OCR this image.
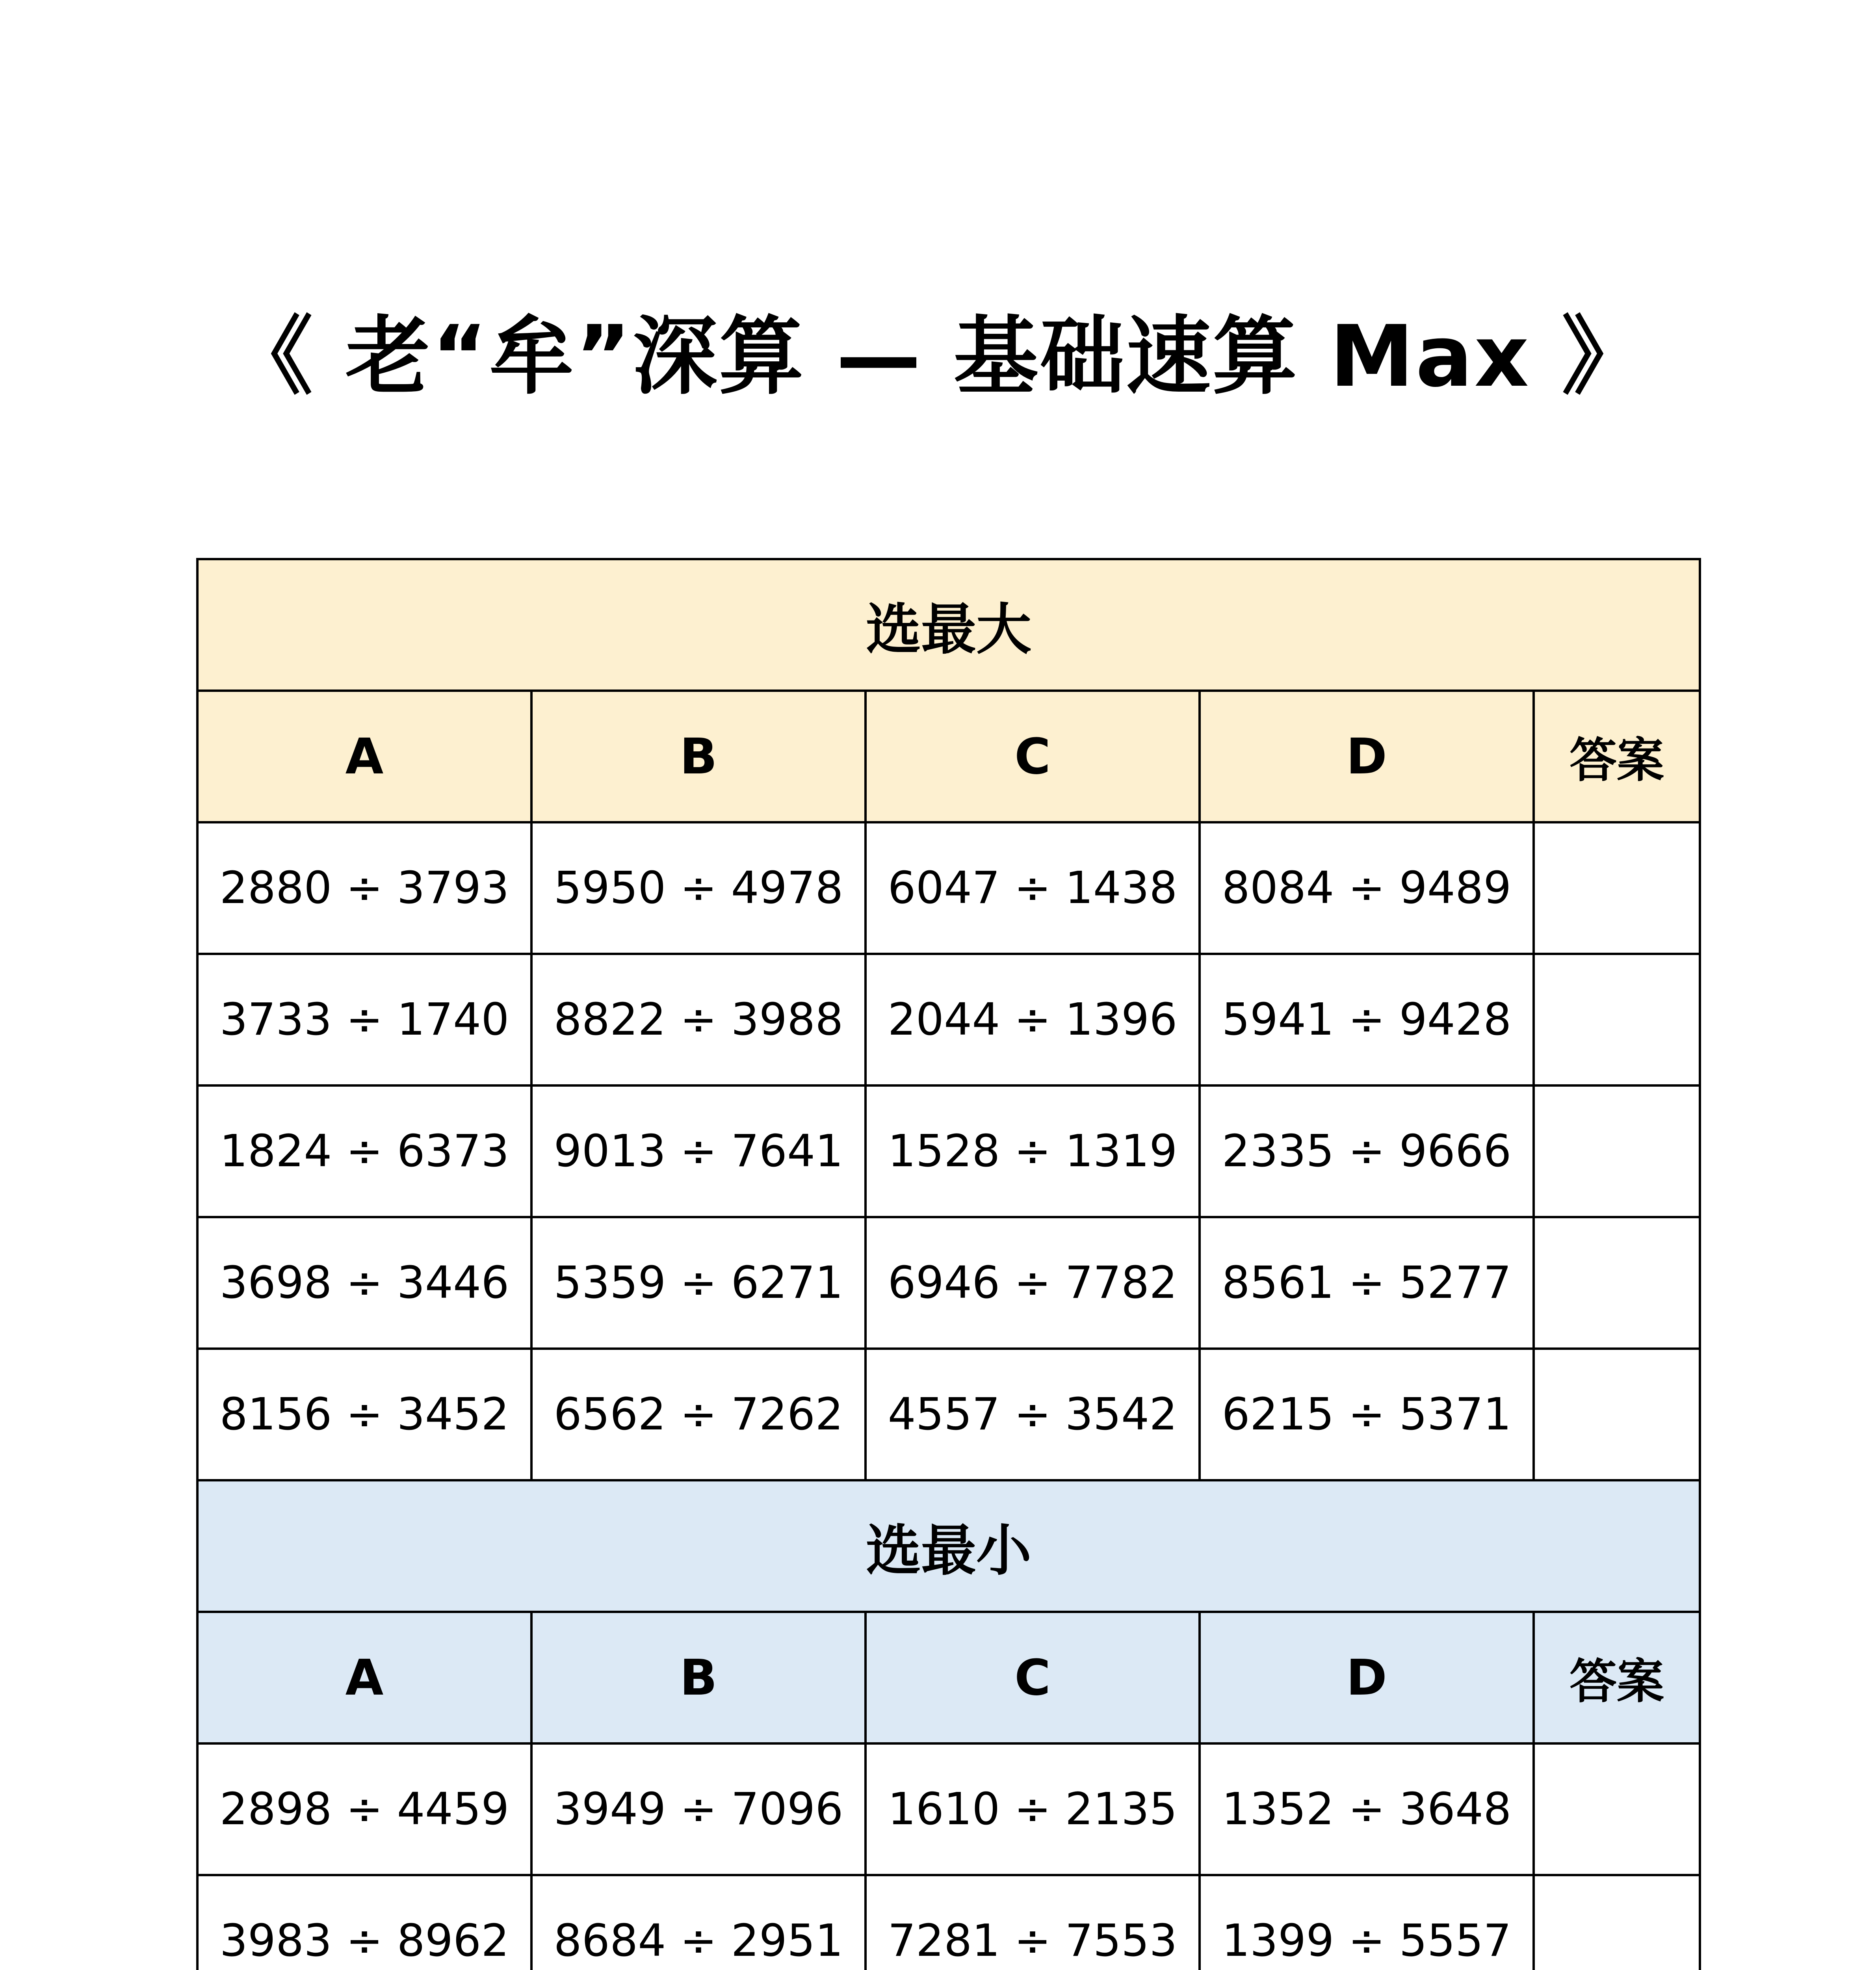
《 老“牟”深算 — 基础速算 Max 》
选最大				
A	B	C	D	答案
2880 ÷ 3793	5950 ÷ 4978	6047 ÷ 1438	8084 ÷ 9489	
3733 ÷ 1740	8822 ÷ 3988	2044 ÷ 1396	5941 ÷ 9428	
1824 ÷ 6373	9013 ÷ 7641	1528 ÷ 1319	2335 ÷ 9666	
3698 ÷ 3446	5359 ÷ 6271	6946 ÷ 7782	8561 ÷ 5277	
8156 ÷ 3452	6562 ÷ 7262	4557 ÷ 3542	6215 ÷ 5371	
选最小				
A	B	C	D	答案
2898 ÷ 4459	3949 ÷ 7096	1610 ÷ 2135	1352 ÷ 3648	
3983 ÷ 8962	8684 ÷ 2951	7281 ÷ 7553	1399 ÷ 5557	
